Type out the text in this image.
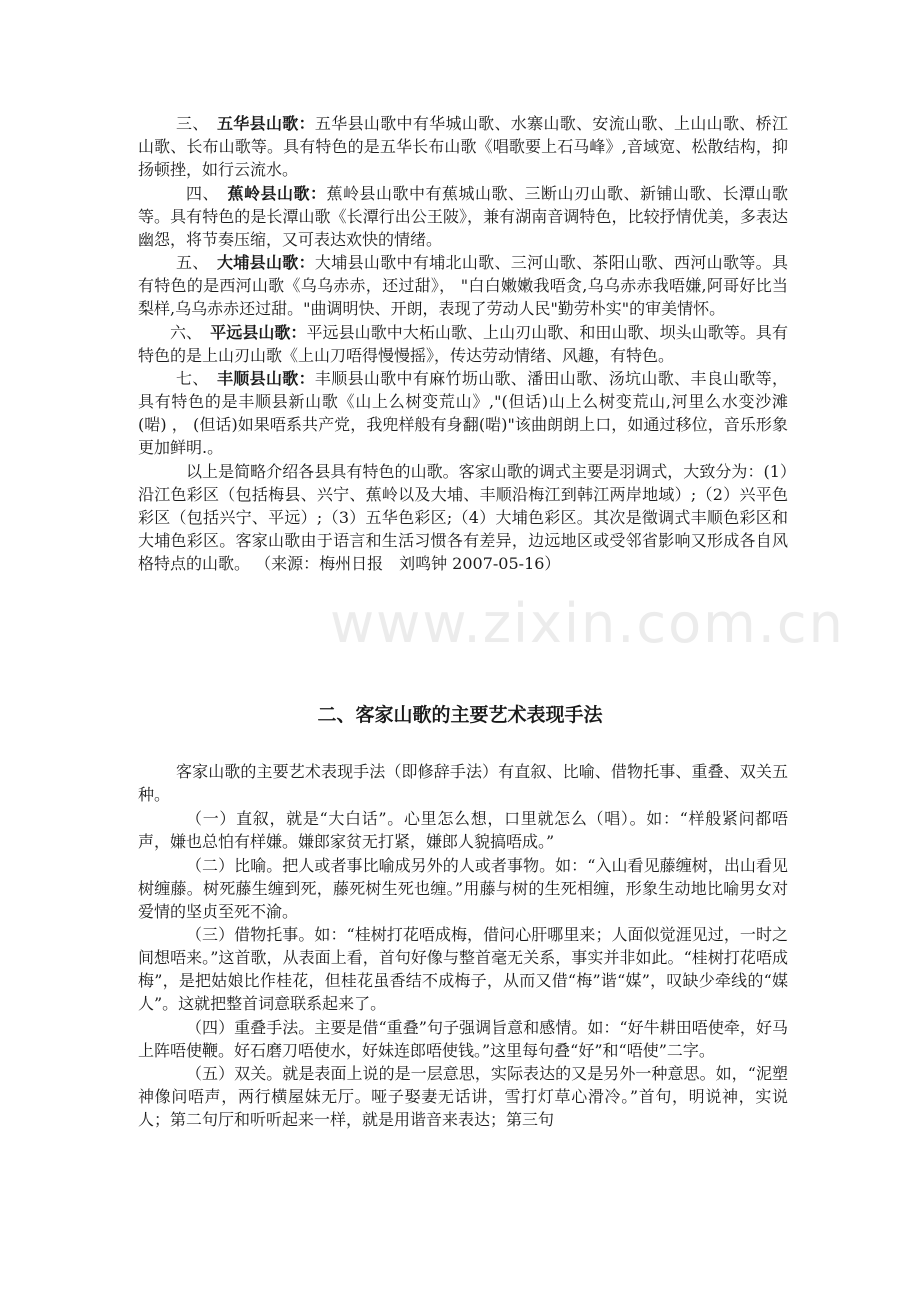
www.zixin.com.cn

三、　 五华县山歌：五华县山歌中有华城山歌、水寨山歌、安流山歌、上山山歌、桥江山歌、长布山歌等。具有特色的是五华长布山歌《唱歌要上石马峰》,音域宽、松散结构，抑扬顿挫，如行云流水。

四、　 蕉岭县山歌：蕉岭县山歌中有蕉城山歌、三断山刃山歌、新铺山歌、长潭山歌等。具有特色的是长潭山歌《长潭行出公王陂》，兼有湖南音调特色，比较抒情优美，多表达幽怨，将节奏压缩，又可表达欢快的情绪。

五、　 大埔县山歌：大埔县山歌中有埔北山歌、三河山歌、茶阳山歌、西河山歌等。具有特色的是西河山歌《乌乌赤赤，还过甜》， "白白嫩嫩我唔贪,乌乌赤赤我唔嫌,阿哥好比当梨样,乌乌赤赤还过甜。"曲调明快、开朗，表现了劳动人民"勤劳朴实"的审美情怀。

六、　 平远县山歌：平远县山歌中大柘山歌、上山刃山歌、和田山歌、坝头山歌等。具有特色的是上山刃山歌《上山刀唔得慢慢摇》，传达劳动情绪、风趣，有特色。

七、　 丰顺县山歌：丰顺县山歌中有麻竹坜山歌、潘田山歌、汤坑山歌、丰良山歌等，具有特色的是丰顺县新山歌《山上么树变荒山》,"(但话)山上么树变荒山,河里么水变沙滩(啱) ， (但话)如果唔系共产党，我兜样般有身翻(啱)"该曲朗朗上口，如通过移位，音乐形象更加鲜明.。

以上是简略介绍各县具有特色的山歌。客家山歌的调式主要是羽调式，大致分为：(1）沿江色彩区（包括梅县、兴宁、蕉岭以及大埔、丰顺沿梅江到韩江两岸地域）;（2）兴平色彩区（包括兴宁、平远）;（3）五华色彩区;（4）大埔色彩区。其次是徵调式丰顺色彩区和大埔色彩区。客家山歌由于语言和生活习惯各有差异，边远地区或受邻省影响又形成各自风格特点的山歌。 （来源：梅州日报　刘鸣钟 2007-05-16）

二、客家山歌的主要艺术表现手法

客家山歌的主要艺术表现手法（即修辞手法）有直叙、比喻、借物托事、重叠、双关五种。

（一）直叙，就是“大白话”。心里怎么想，口里就怎么（唱）。如：“样般紧问都唔声，嫌也总怕有样嫌。嫌郎家贫无打紧，嫌郎人貌搞唔成。”

（二）比喻。把人或者事比喻成另外的人或者事物。如：“入山看见藤缠树，出山看见树缠藤。树死藤生缠到死，藤死树生死也缠。”用藤与树的生死相缠，形象生动地比喻男女对爱情的坚贞至死不渝。

（三）借物托事。如：“桂树打花唔成梅，借问心肝哪里来；人面似觉涯见过，一时之间想唔来。”这首歌，从表面上看，首句好像与整首毫无关系，事实并非如此。“桂树打花唔成梅”，是把姑娘比作桂花，但桂花虽香结不成梅子，从而又借“梅”谐“媒”，叹缺少牵线的“媒人”。这就把整首词意联系起来了。

（四）重叠手法。主要是借“重叠”句子强调旨意和感情。如：“好牛耕田唔使牵，好马上阵唔使鞭。好石磨刀唔使水，好妹连郎唔使钱。”这里每句叠“好”和“唔使”二字。

（五）双关。就是表面上说的是一层意思，实际表达的又是另外一种意思。如，“泥塑神像问唔声，两行横屋妹无厅。哑子娶妻无话讲，雪打灯草心滑冷。”首句，明说神，实说人；第二句厅和听听起来一样，就是用谐音来表达；第三句
